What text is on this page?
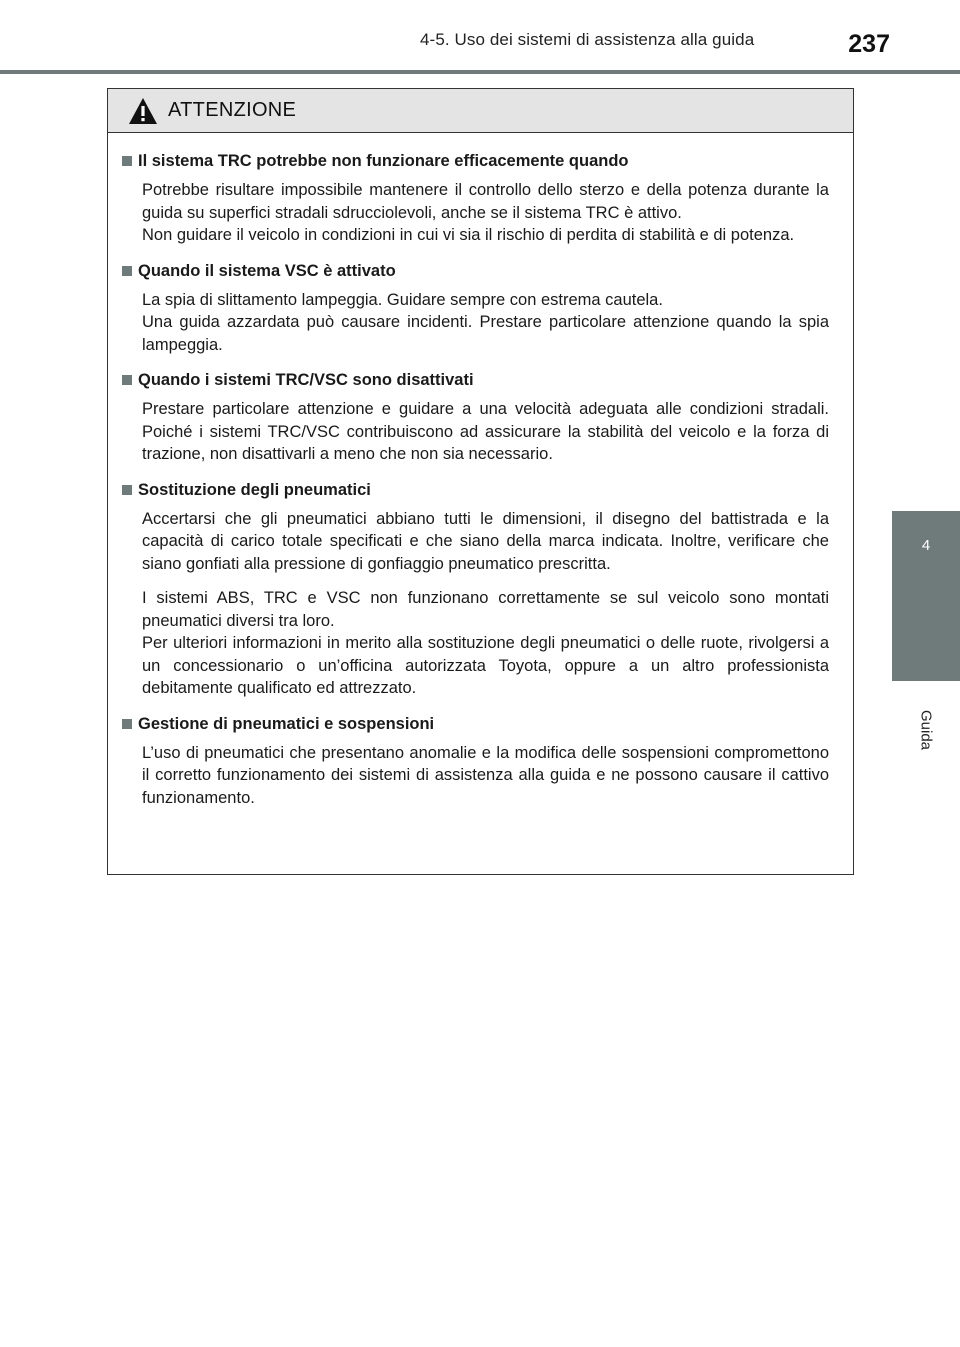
4-5. Uso dei sistemi di assistenza alla guida	237
4
Guida
ATTENZIONE
Il sistema TRC potrebbe non funzionare efficacemente quando

Potrebbe risultare impossibile mantenere il controllo dello sterzo e della potenza durante la guida su superfici stradali sdrucciolevoli, anche se il sistema TRC è attivo.

Non guidare il veicolo in condizioni in cui vi sia il rischio di perdita di stabilità e di potenza.

Quando il sistema VSC è attivato

La spia di slittamento lampeggia. Guidare sempre con estrema cautela.

Una guida azzardata può causare incidenti. Prestare particolare attenzione quando la spia lampeggia.

Quando i sistemi TRC/VSC sono disattivati

Prestare particolare attenzione e guidare a una velocità adeguata alle condizioni stradali. Poiché i sistemi TRC/VSC contribuiscono ad assicurare la stabilità del veicolo e la forza di trazione, non disattivarli a meno che non sia necessario.

Sostituzione degli pneumatici

Accertarsi che gli pneumatici abbiano tutti le dimensioni, il disegno del battistrada e la capacità di carico totale specificati e che siano della marca indicata. Inoltre, verificare che siano gonfiati alla pressione di gonfiaggio pneumatico prescritta.

I sistemi ABS, TRC e VSC non funzionano correttamente se sul veicolo sono montati pneumatici diversi tra loro.

Per ulteriori informazioni in merito alla sostituzione degli pneumatici o delle ruote, rivolgersi a un concessionario o un’officina autorizzata Toyota, oppure a un altro professionista debitamente qualificato ed attrezzato.

Gestione di pneumatici e sospensioni

L’uso di pneumatici che presentano anomalie e la modifica delle sospensioni compromettono il corretto funzionamento dei sistemi di assistenza alla guida e ne possono causare il cattivo funzionamento.
